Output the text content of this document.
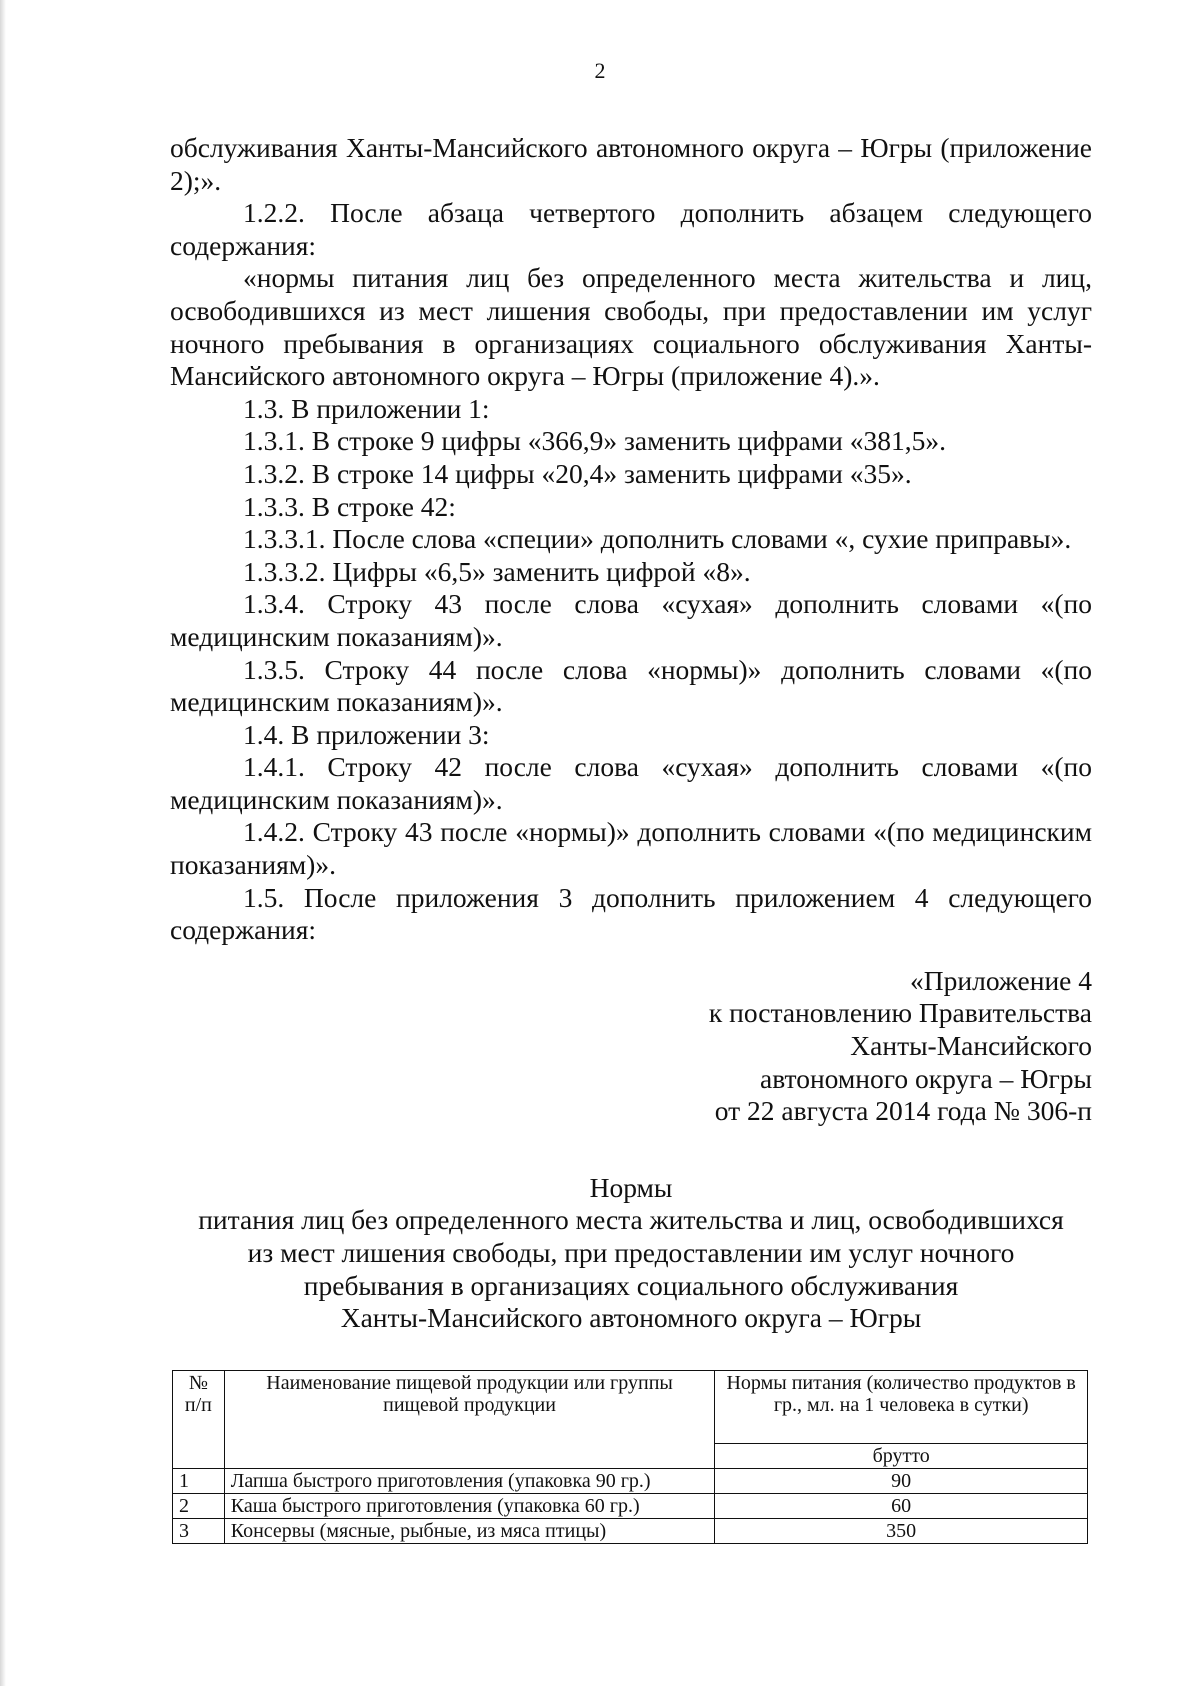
2

обслуживания Ханты-Мансийского автономного округа – Югры (приложение 2);».

1.2.2. После абзаца четвертого дополнить абзацем следующего содержания:

«нормы питания лиц без определенного места жительства и лиц, освободившихся из мест лишения свободы, при предоставлении им услуг ночного пребывания в организациях социального обслуживания Ханты-Мансийского автономного округа – Югры (приложение 4).».

1.3. В приложении 1:

1.3.1. В строке 9 цифры «366,9» заменить цифрами «381,5».

1.3.2. В строке 14 цифры «20,4» заменить цифрами «35».

1.3.3. В строке 42:

1.3.3.1. После слова «специи» дополнить словами «, сухие приправы».

1.3.3.2. Цифры «6,5» заменить цифрой «8».

1.3.4. Строку 43 после слова «сухая» дополнить словами «(по медицинским показаниям)».

1.3.5. Строку 44 после слова «нормы)» дополнить словами «(по медицинским показаниям)».

1.4. В приложении 3:

1.4.1. Строку 42 после слова «сухая» дополнить словами «(по медицинским показаниям)».

1.4.2. Строку 43 после «нормы)» дополнить словами «(по медицинским показаниям)».

1.5. После приложения 3 дополнить приложением 4 следующего содержания:

«Приложение 4
к постановлению Правительства
Ханты-Мансийского
автономного округа – Югры
от 22 августа 2014 года № 306-п
Нормы
питания лиц без определенного места жительства и лиц, освободившихся
из мест лишения свободы, при предоставлении им услуг ночного
пребывания в организациях социального обслуживания
Ханты-Мансийского автономного округа – Югры
№ п/п	Наименование пищевой продукции или группы пищевой продукции	Нормы питания (количество продуктов в гр., мл. на 1 человека в сутки)
		брутто
1	Лапша быстрого приготовления (упаковка 90 гр.)	90
2	Каша быстрого приготовления (упаковка 60 гр.)	60
3	Консервы (мясные, рыбные, из мяса птицы)	350
